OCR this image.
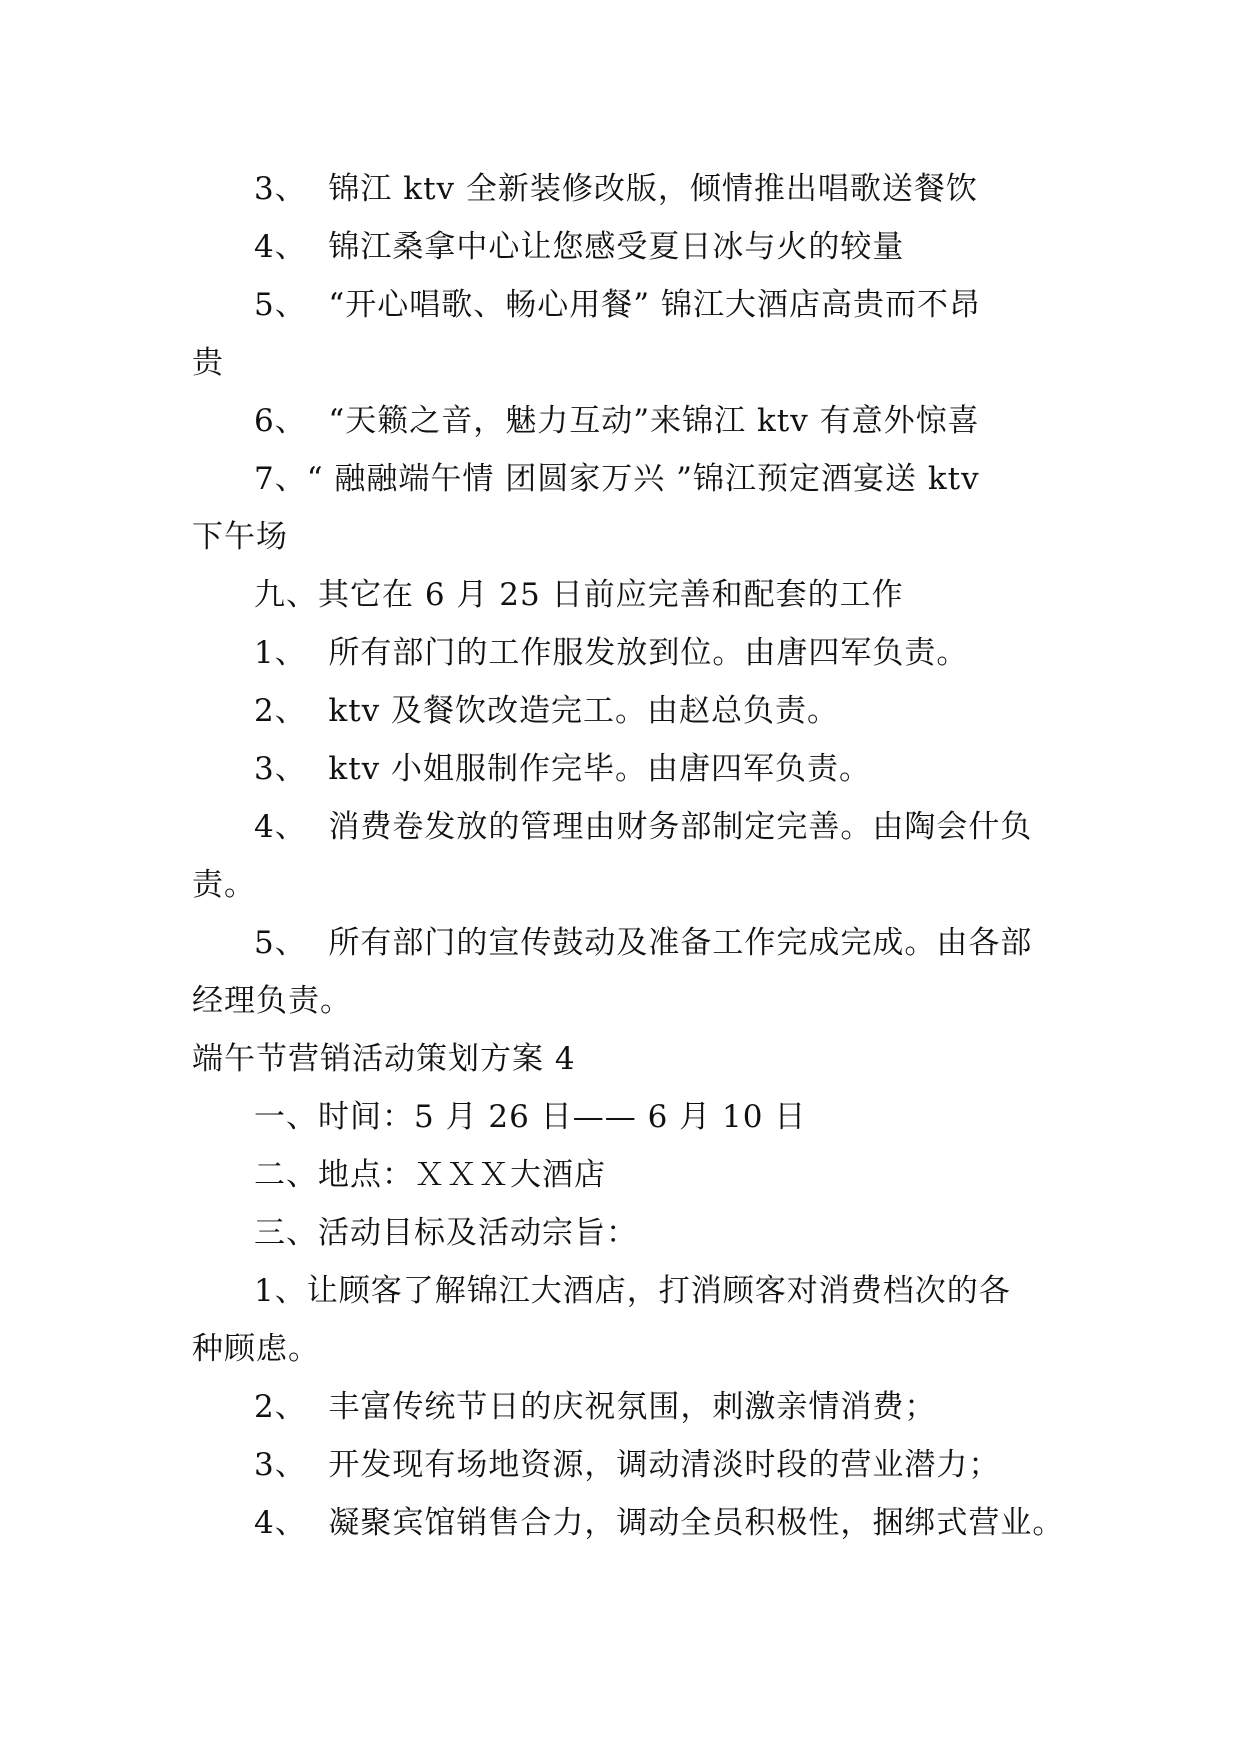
3、  锦江 ktv 全新装修改版，倾情推出唱歌送餐饮
4、  锦江桑拿中心让您感受夏日冰与火的较量
5、  “开心唱歌、畅心用餐” 锦江大酒店高贵而不昂
贵
6、  “天籁之音，魅力互动”来锦江 ktv 有意外惊喜
7、“ 融融端午情 团圆家万兴 ”锦江预定酒宴送 ktv
下午场
九、其它在 6 月 25 日前应完善和配套的工作
1、  所有部门的工作服发放到位。由唐四军负责。
2、  ktv 及餐饮改造完工。由赵总负责。
3、  ktv 小姐服制作完毕。由唐四军负责。
4、  消费卷发放的管理由财务部制定完善。由陶会什负
责。
5、  所有部门的宣传鼓动及准备工作完成完成。由各部
经理负责。
端午节营销活动策划方案 4
一、时间：5 月 26 日—— 6 月 10 日
二、地点：ＸＸＸ大酒店
三、活动目标及活动宗旨：
1、让顾客了解锦江大酒店，打消顾客对消费档次的各
种顾虑。
2、  丰富传统节日的庆祝氛围，刺激亲情消费；
3、  开发现有场地资源，调动清淡时段的营业潜力；
4、  凝聚宾馆销售合力，调动全员积极性，捆绑式营业。
